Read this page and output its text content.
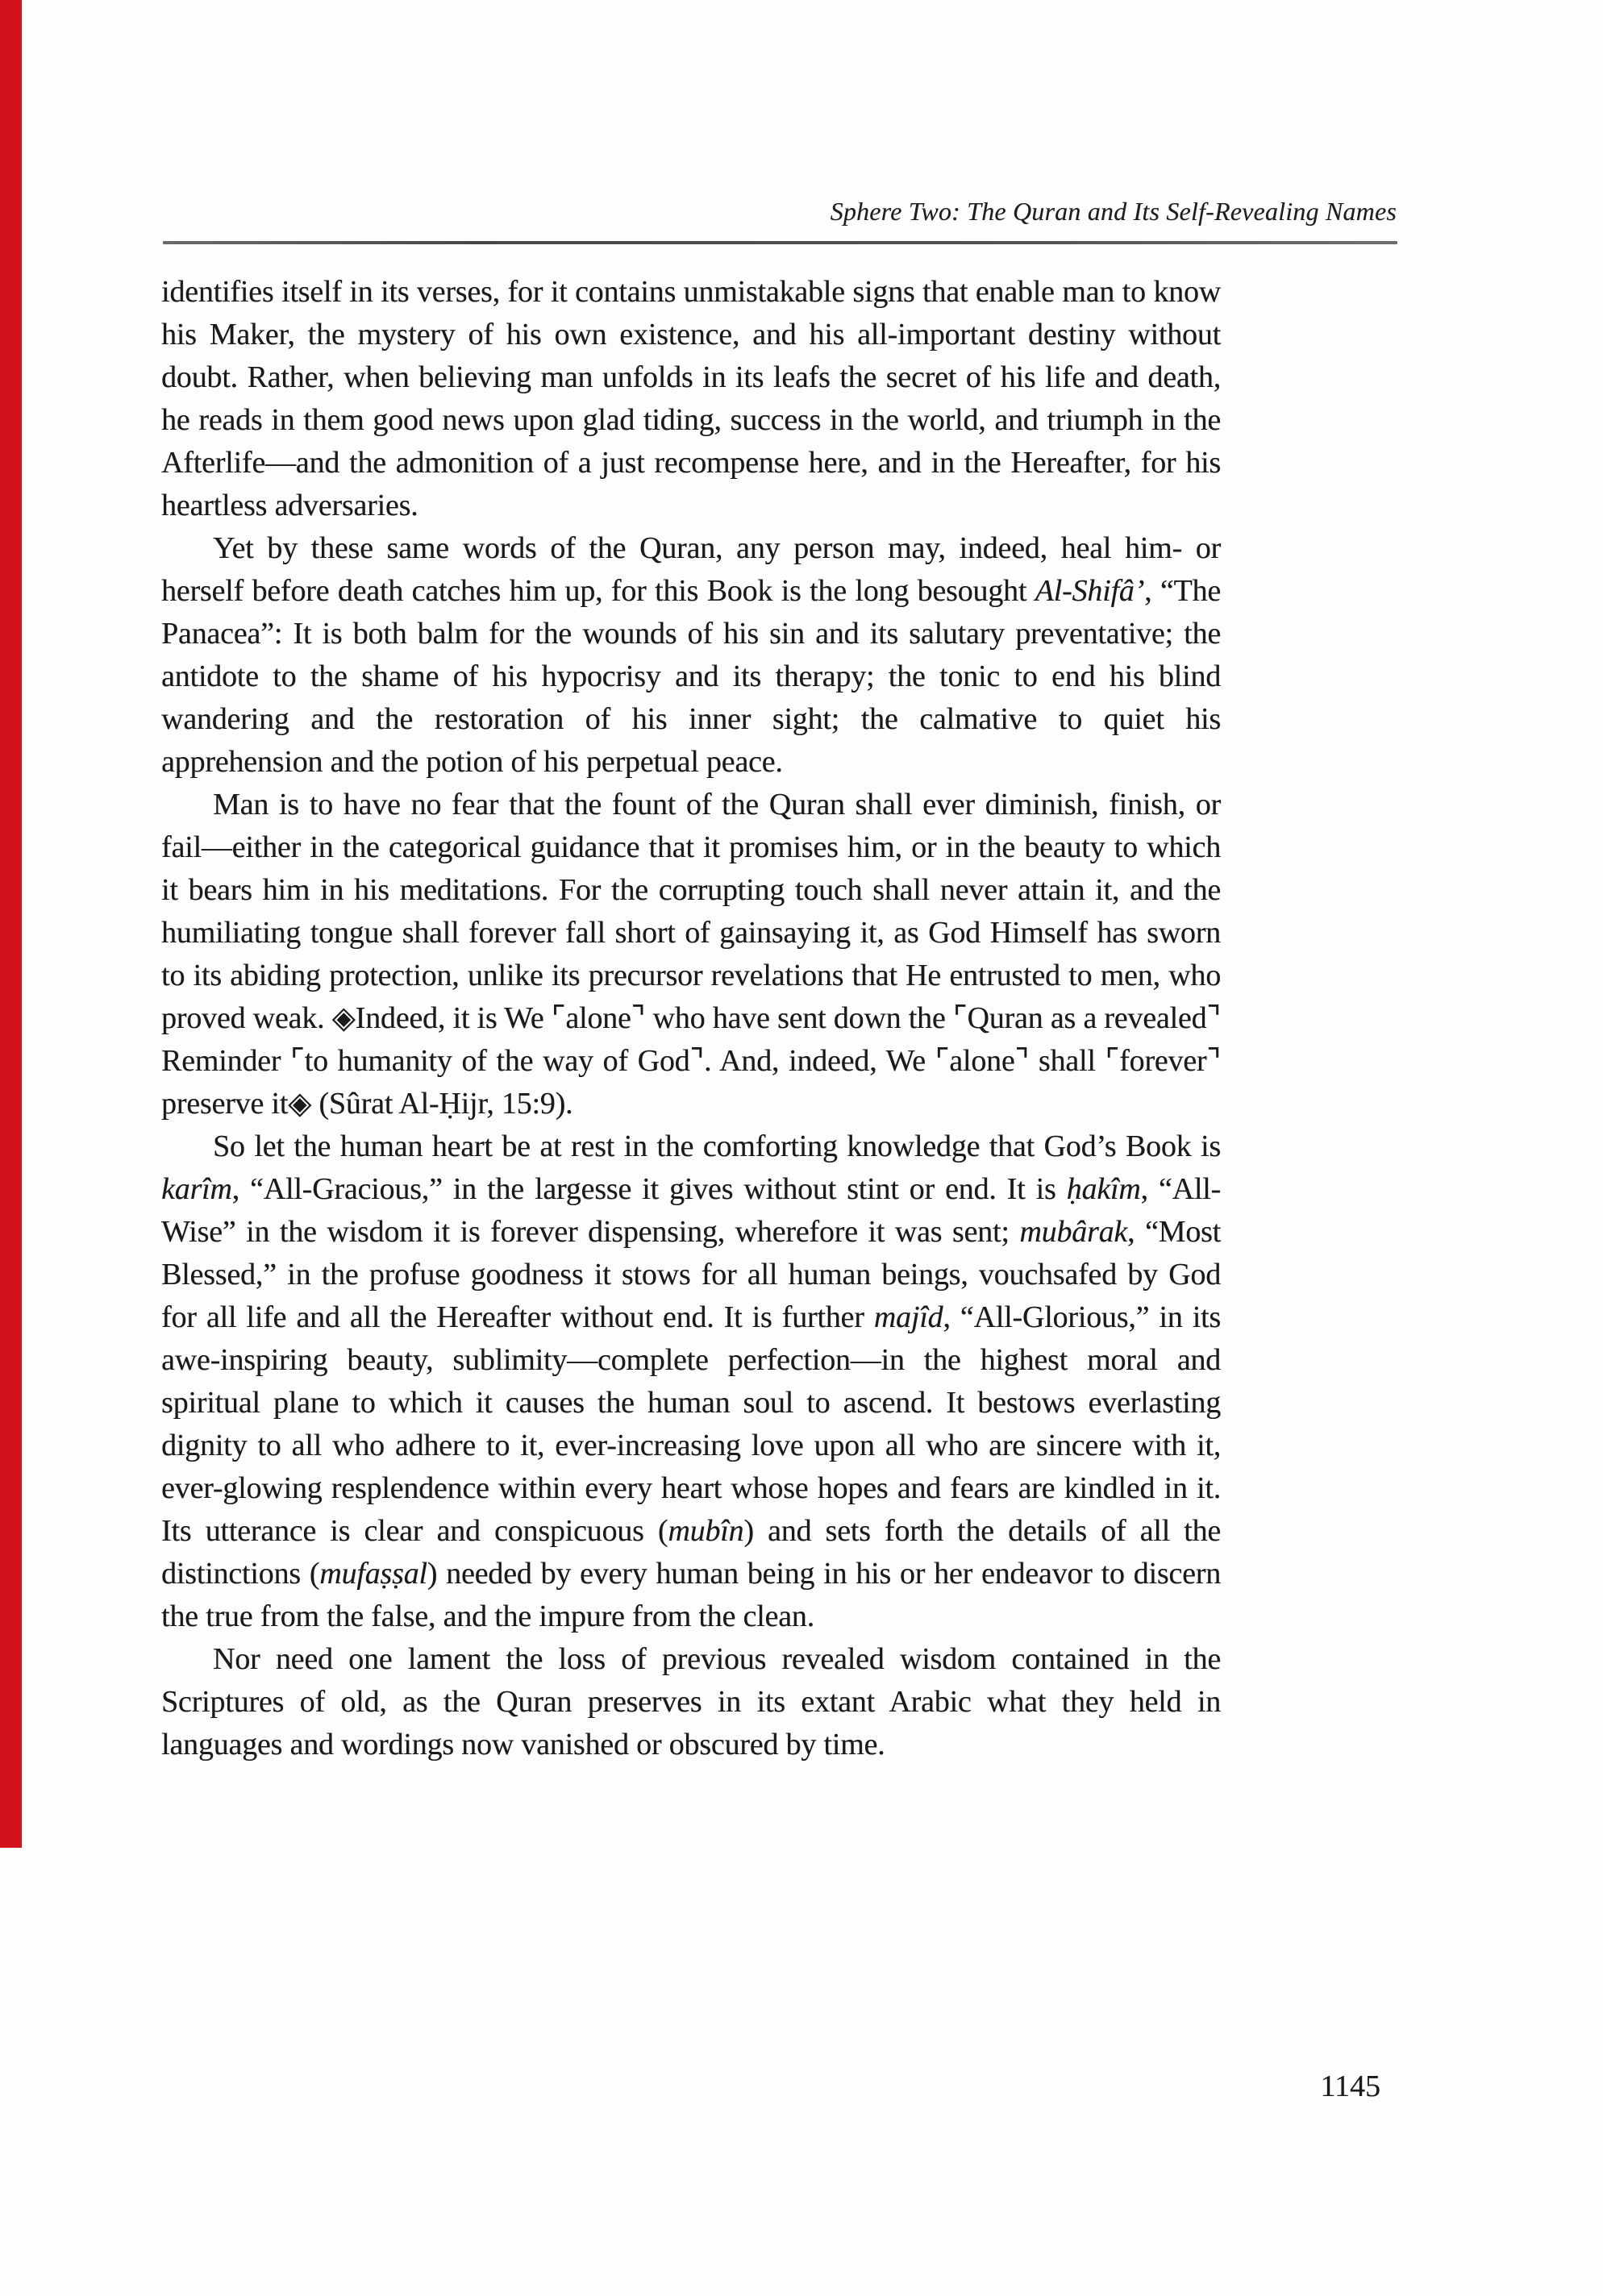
Sphere Two: The Quran and Its Self-Revealing Names

identifies itself in its verses, for it contains unmistakable signs that enable man to know his Maker, the mystery of his own existence, and his all-important destiny without doubt. Rather, when believing man unfolds in its leafs the secret of his life and death, he reads in them good news upon glad tiding, success in the world, and triumph in the Afterlife—and the admonition of a just recompense here, and in the Hereafter, for his heartless adversaries.

Yet by these same words of the Quran, any person may, indeed, heal him- or herself before death catches him up, for this Book is the long besought Al-Shifâ’, “The Panacea”: It is both balm for the wounds of his sin and its salutary preventative; the antidote to the shame of his hypocrisy and its therapy; the tonic to end his blind wandering and the restoration of his inner sight; the calmative to quiet his apprehension and the potion of his perpetual peace.

Man is to have no fear that the fount of the Quran shall ever diminish, finish, or fail—either in the categorical guidance that it promises him, or in the beauty to which it bears him in his meditations. For the corrupting touch shall never attain it, and the humiliating tongue shall forever fall short of gainsaying it, as God Himself has sworn to its abiding protection, unlike its precursor revelations that He entrusted to men, who proved weak. ◈Indeed, it is We ⌜alone⌝ who have sent down the ⌜Quran as a revealed⌝ Reminder ⌜to humanity of the way of God⌝. And, indeed, We ⌜alone⌝ shall ⌜forever⌝ preserve it◈ (Sûrat Al-Ḥijr, 15:9).

So let the human heart be at rest in the comforting knowledge that God’s Book is karîm, “All-Gracious,” in the largesse it gives without stint or end. It is ḥakîm, “All-Wise” in the wisdom it is forever dispensing, wherefore it was sent; mubârak, “Most Blessed,” in the profuse goodness it stows for all human beings, vouchsafed by God for all life and all the Hereafter without end. It is further majîd, “All-Glorious,” in its awe-inspiring beauty, sublimity—complete perfection—in the highest moral and spiritual plane to which it causes the human soul to ascend. It bestows everlasting dignity to all who adhere to it, ever-increasing love upon all who are sincere with it, ever-glowing resplendence within every heart whose hopes and fears are kindled in it. Its utterance is clear and conspicuous (mubîn) and sets forth the details of all the distinctions (mufaṣṣal) needed by every human being in his or her endeavor to discern the true from the false, and the impure from the clean.

Nor need one lament the loss of previous revealed wisdom contained in the Scriptures of old, as the Quran preserves in its extant Arabic what they held in languages and wordings now vanished or obscured by time.

1145
